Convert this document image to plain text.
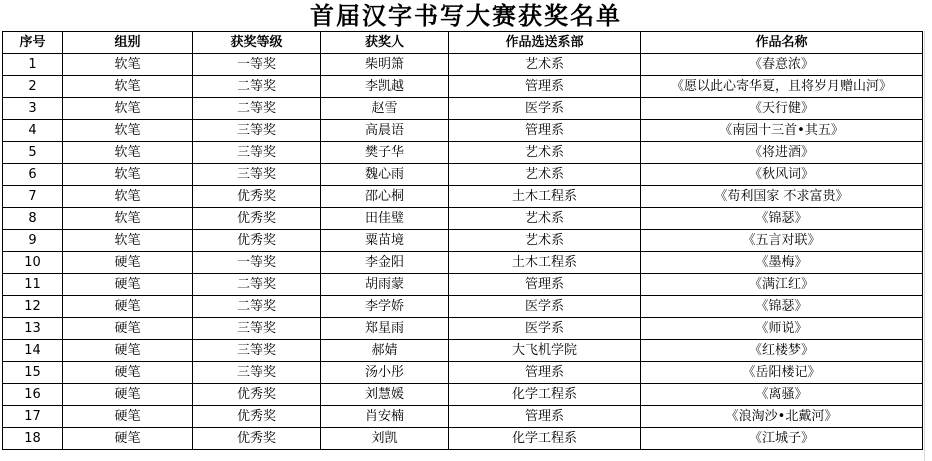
首届汉字书写大赛获奖名单
序号	组别	获奖等级	获奖人	作品选送系部	作品名称
1	软笔	一等奖	柴明箫	艺术系	《春意浓》
2	软笔	二等奖	李凯越	管理系	《愿以此心寄华夏，且将岁月赠山河》
3	软笔	二等奖	赵雪	医学系	《天行健》
4	软笔	三等奖	高晨语	管理系	《南园十三首•其五》
5	软笔	三等奖	樊子华	艺术系	《将进酒》
6	软笔	三等奖	魏心雨	艺术系	《秋风词》
7	软笔	优秀奖	邵心桐	土木工程系	《苟利国家 不求富贵》
8	软笔	优秀奖	田佳璧	艺术系	《锦瑟》
9	软笔	优秀奖	粟苗境	艺术系	《五言对联》
10	硬笔	一等奖	李金阳	土木工程系	《墨梅》
11	硬笔	二等奖	胡雨蒙	管理系	《满江红》
12	硬笔	二等奖	李学娇	医学系	《锦瑟》
13	硬笔	三等奖	郑星雨	医学系	《师说》
14	硬笔	三等奖	郝婧	大飞机学院	《红楼梦》
15	硬笔	三等奖	汤小彤	管理系	《岳阳楼记》
16	硬笔	优秀奖	刘慧媛	化学工程系	《离骚》
17	硬笔	优秀奖	肖安楠	管理系	《浪淘沙•北戴河》
18	硬笔	优秀奖	刘凯	化学工程系	《江城子》
